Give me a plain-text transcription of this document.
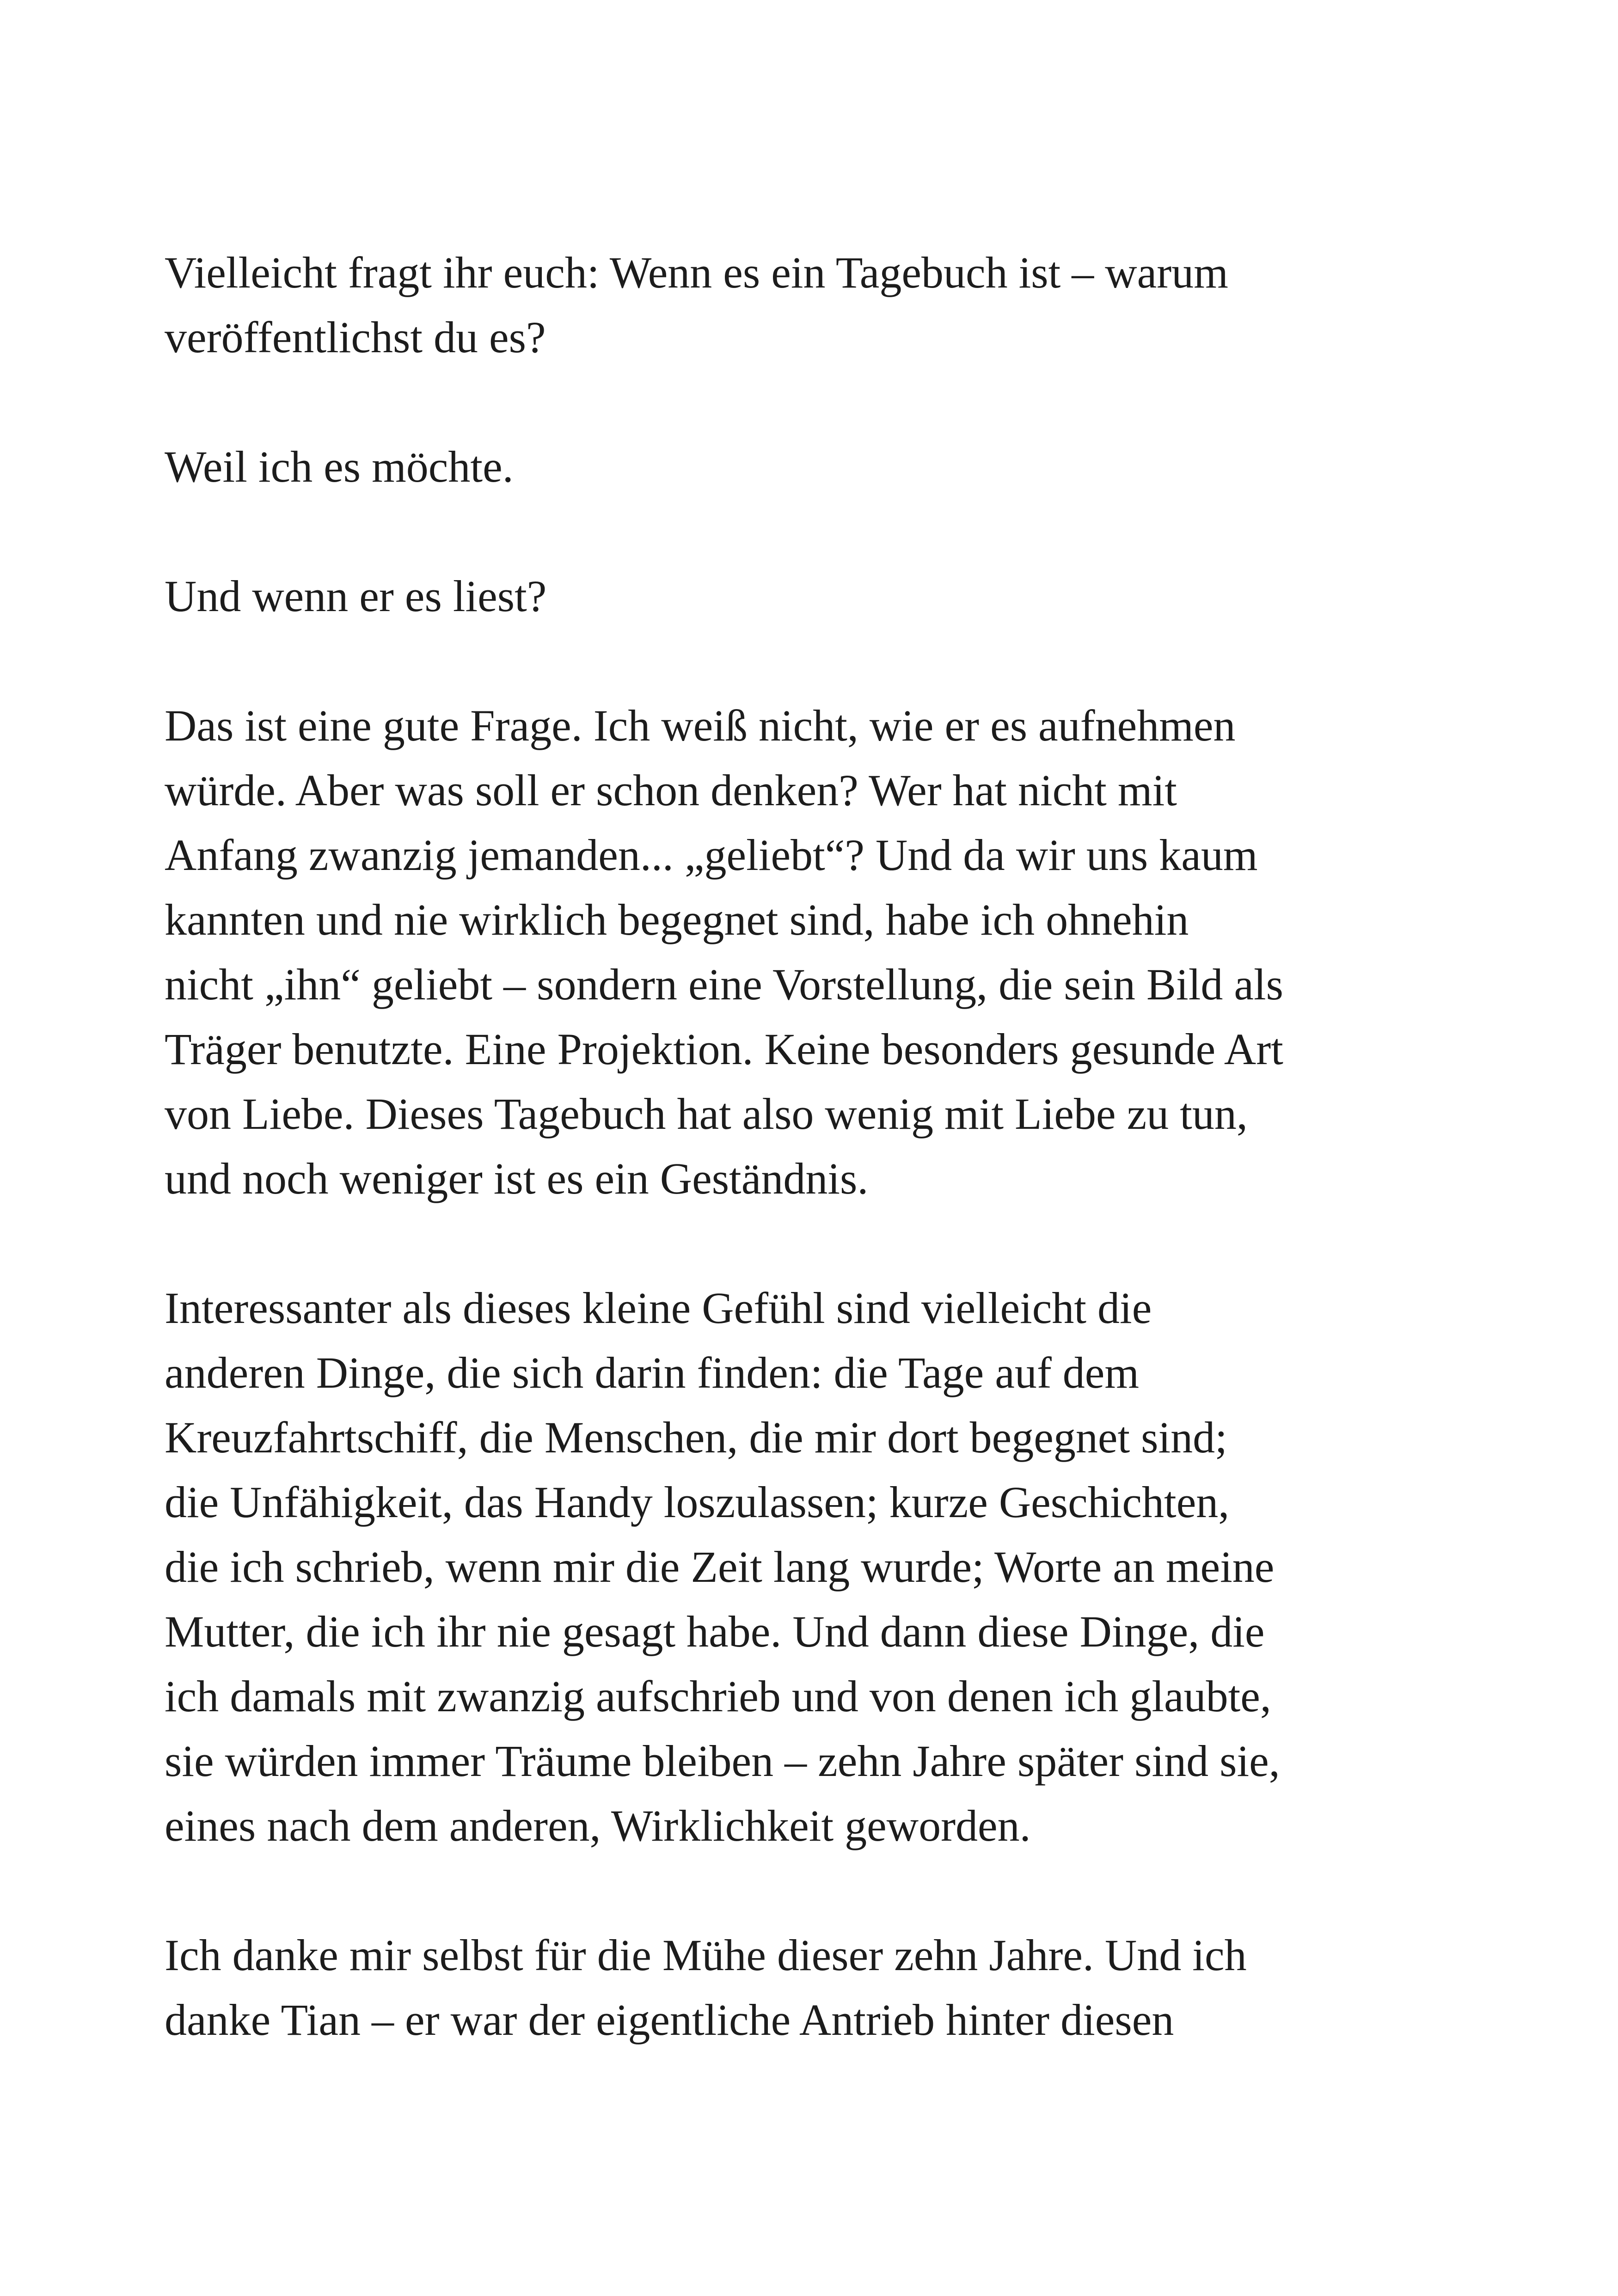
Vielleicht fragt ihr euch: Wenn es ein Tagebuch ist – warum
veröffentlichst du es?

Weil ich es möchte.

Und wenn er es liest?

Das ist eine gute Frage. Ich weiß nicht, wie er es aufnehmen
würde. Aber was soll er schon denken? Wer hat nicht mit
Anfang zwanzig jemanden... „geliebt“? Und da wir uns kaum
kannten und nie wirklich begegnet sind, habe ich ohnehin
nicht „ihn“ geliebt – sondern eine Vorstellung, die sein Bild als
Träger benutzte. Eine Projektion. Keine besonders gesunde Art
von Liebe. Dieses Tagebuch hat also wenig mit Liebe zu tun,
und noch weniger ist es ein Geständnis.

Interessanter als dieses kleine Gefühl sind vielleicht die
anderen Dinge, die sich darin finden: die Tage auf dem
Kreuzfahrtschiff, die Menschen, die mir dort begegnet sind;
die Unfähigkeit, das Handy loszulassen; kurze Geschichten,
die ich schrieb, wenn mir die Zeit lang wurde; Worte an meine
Mutter, die ich ihr nie gesagt habe. Und dann diese Dinge, die
ich damals mit zwanzig aufschrieb und von denen ich glaubte,
sie würden immer Träume bleiben – zehn Jahre später sind sie,
eines nach dem anderen, Wirklichkeit geworden.

Ich danke mir selbst für die Mühe dieser zehn Jahre. Und ich
danke Tian – er war der eigentliche Antrieb hinter diesen
